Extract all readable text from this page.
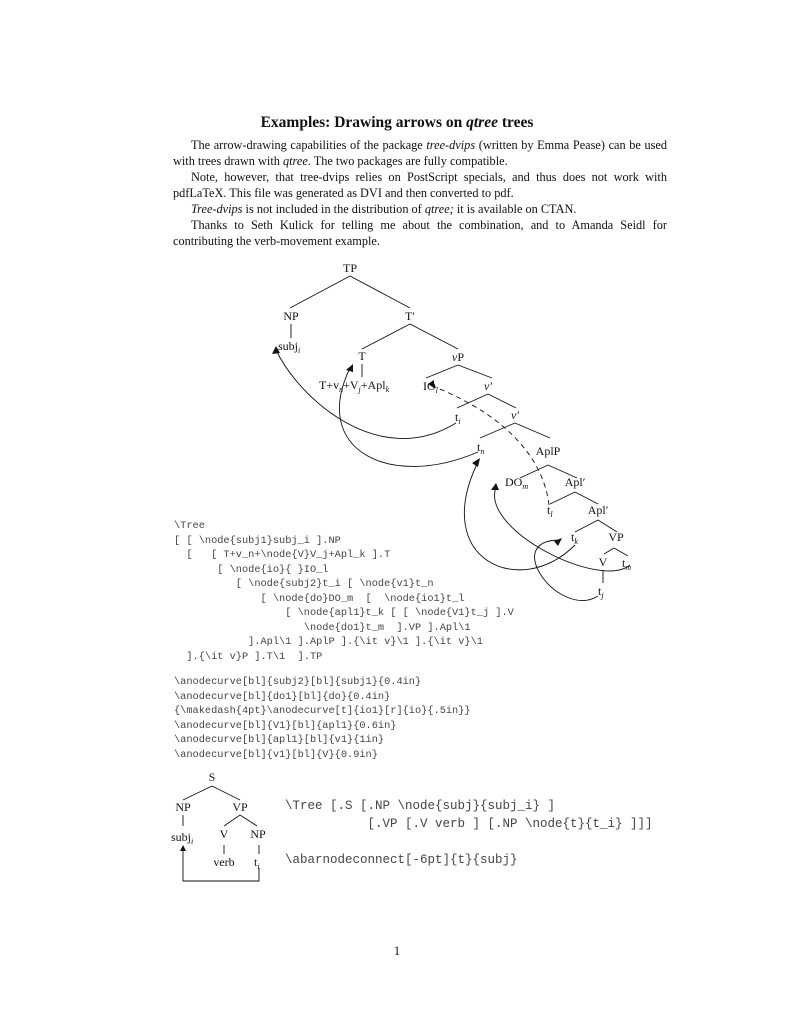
Examples: Drawing arrows on qtree trees
The arrow-drawing capabilities of the package tree-dvips (written by Emma Pease) can be used with trees drawn with qtree. The two packages are fully compatible.
Note, however, that tree-dvips relies on PostScript specials, and thus does not work with pdfLaTeX. This file was generated as DVI and then converted to pdf.
Tree-dvips is not included in the distribution of qtree; it is available on CTAN.
Thanks to Seth Kulick for telling me about the combination, and to Amanda Seidl for contributing the verb-movement example.
TP
NP	T′
subj$_i$	T	vP
$T+v_n+V_j+Apl_k$	$IO_l$	v′
$t_i$	v′
$t_n$	AplP
$DO_m$	Apl′
$t_l$	Apl′
$t_k$	VP
V $t_m$
$t_j$
\Tree
[ [ \node{subj1}subj_i ].NP
[   [ T+v_n+\node{V}V_j+Apl_k ].T
[ \node{io}{ }IO_l
[ \node{subj2}t_i [ \node{v1}t_n
[ \node{do}DO_m  [  \node{io1}t_l
[ \node{apl1}t_k [ [ \node{V1}t_j ].V
\node{do1}t_m  ].VP ].Apl\1
].Apl\1 ].AplP ].{\it v}\1 ].{\it v}\1
].{\it v}P ].T\1  ].TP
\anodecurve[bl]{subj2}[bl]{subj1}{0.4in}
\anodecurve[bl]{do1}[bl]{do}{0.4in}
{\makedash{4pt}\anodecurve[t]{io1}[r]{io}{.5in}}
\anodecurve[bl]{V1}[bl]{apl1}{0.6in}
\anodecurve[bl]{apl1}[bl]{v1}{1in}
\anodecurve[bl]{v1}[bl]{V}{0.9in}
S
NP	VP
subj$_i$
V NP
verb $t_i$
\Tree [.S [.NP \node{subj}{subj_i} ]
[.VP [.V verb ] [.NP \node{t}{t_i} ]]]

\abarnodeconnect[-6pt]{t}{subj}
1
